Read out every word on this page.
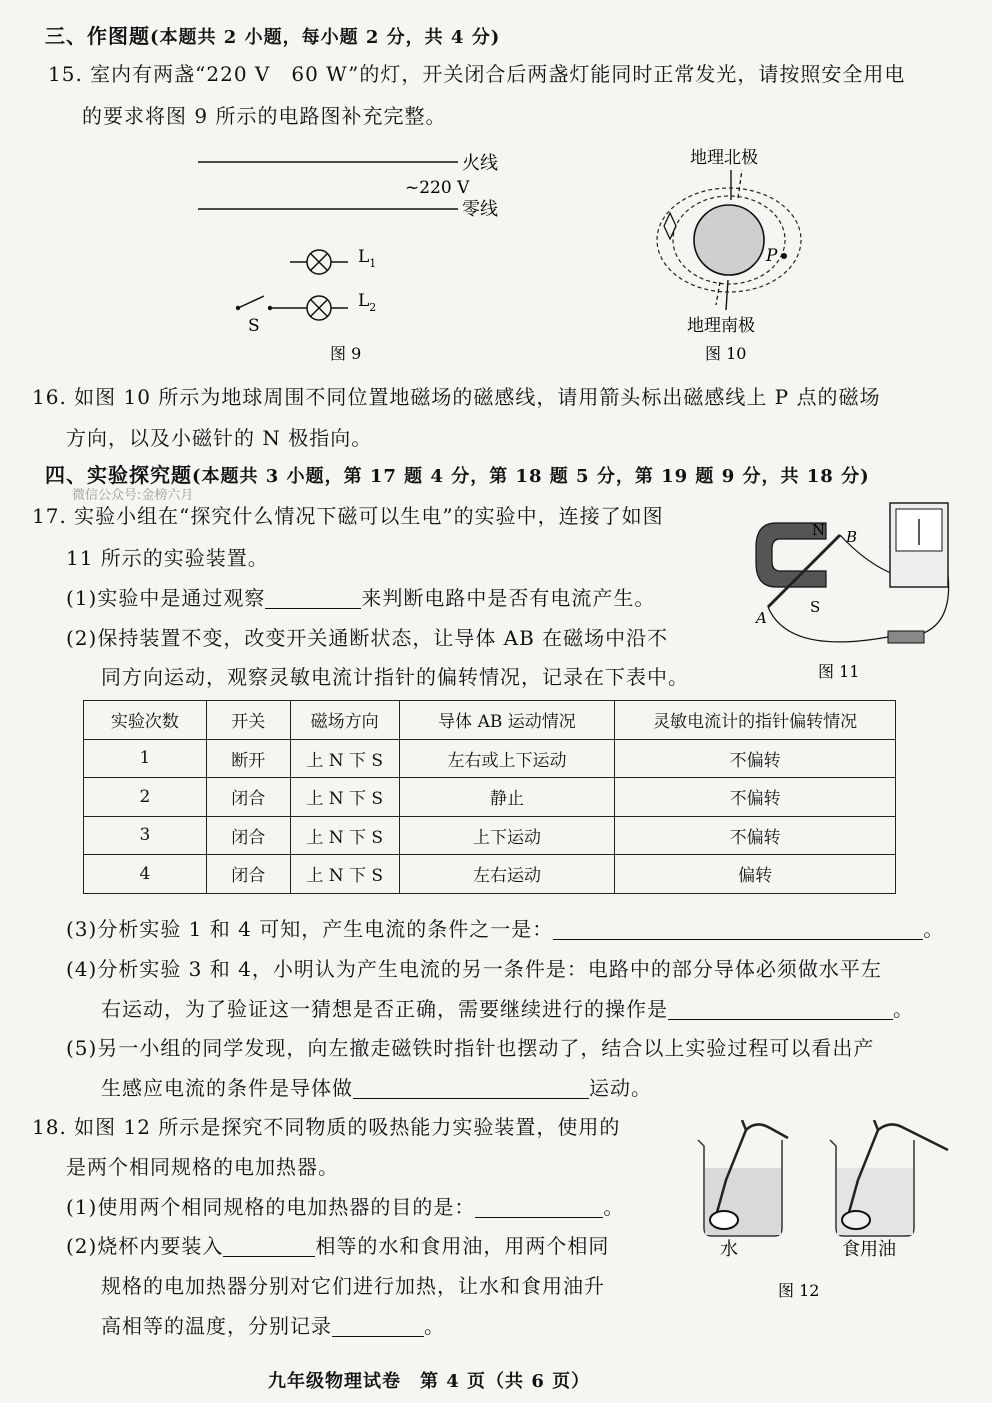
三、作图题(本题共 2 小题，每小题 2 分，共 4 分)
15. 室内有两盏“220 V　60 W”的灯，开关闭合后两盏灯能同时正常发光，请按照安全用电
的要求将图 9 所示的电路图补充完整。
火线
~220 V
零线
$L_1$
S
$L_2$
图 9
地理北极
P
地理南极
图 10
16. 如图 10 所示为地球周围不同位置地磁场的磁感线，请用箭头标出磁感线上 P 点的磁场
方向，以及小磁针的 N 极指向。
四、实验探究题(本题共 3 小题，第 17 题 4 分，第 18 题 5 分，第 19 题 9 分，共 18 分)
微信公众号:金榜六月
17. 实验小组在“探究什么情况下磁可以生电”的实验中，连接了如图
11 所示的实验装置。
(1)实验中是通过观察	来判断电路中是否有电流产生。
(2)保持装置不变，改变开关通断状态，让导体 AB 在磁场中沿不
同方向运动，观察灵敏电流计指针的偏转情况，记录在下表中。
N
S
A
B
图 11
实验次数	开关	磁场方向	导体 AB 运动情况	灵敏电流计的指针偏转情况
1	断开	上 N 下 S	左右或上下运动	不偏转
2	闭合	上 N 下 S	静止	不偏转
3	闭合	上 N 下 S	上下运动	不偏转
4	闭合	上 N 下 S	左右运动	偏转
(3)分析实验 1 和 4 可知，产生电流的条件之一是：	。
(4)分析实验 3 和 4，小明认为产生电流的另一条件是：电路中的部分导体必须做水平左
右运动，为了验证这一猜想是否正确，需要继续进行的操作是	。
(5)另一小组的同学发现，向左撤走磁铁时指针也摆动了，结合以上实验过程可以看出产
生感应电流的条件是导体做	运动。
18. 如图 12 所示是探究不同物质的吸热能力实验装置，使用的
是两个相同规格的电加热器。
(1)使用两个相同规格的电加热器的目的是：	。
(2)烧杯内要装入	相等的水和食用油，用两个相同
规格的电加热器分别对它们进行加热，让水和食用油升
高相等的温度，分别记录	。
水	食用油
图 12
九年级物理试卷　第 4 页（共 6 页）
